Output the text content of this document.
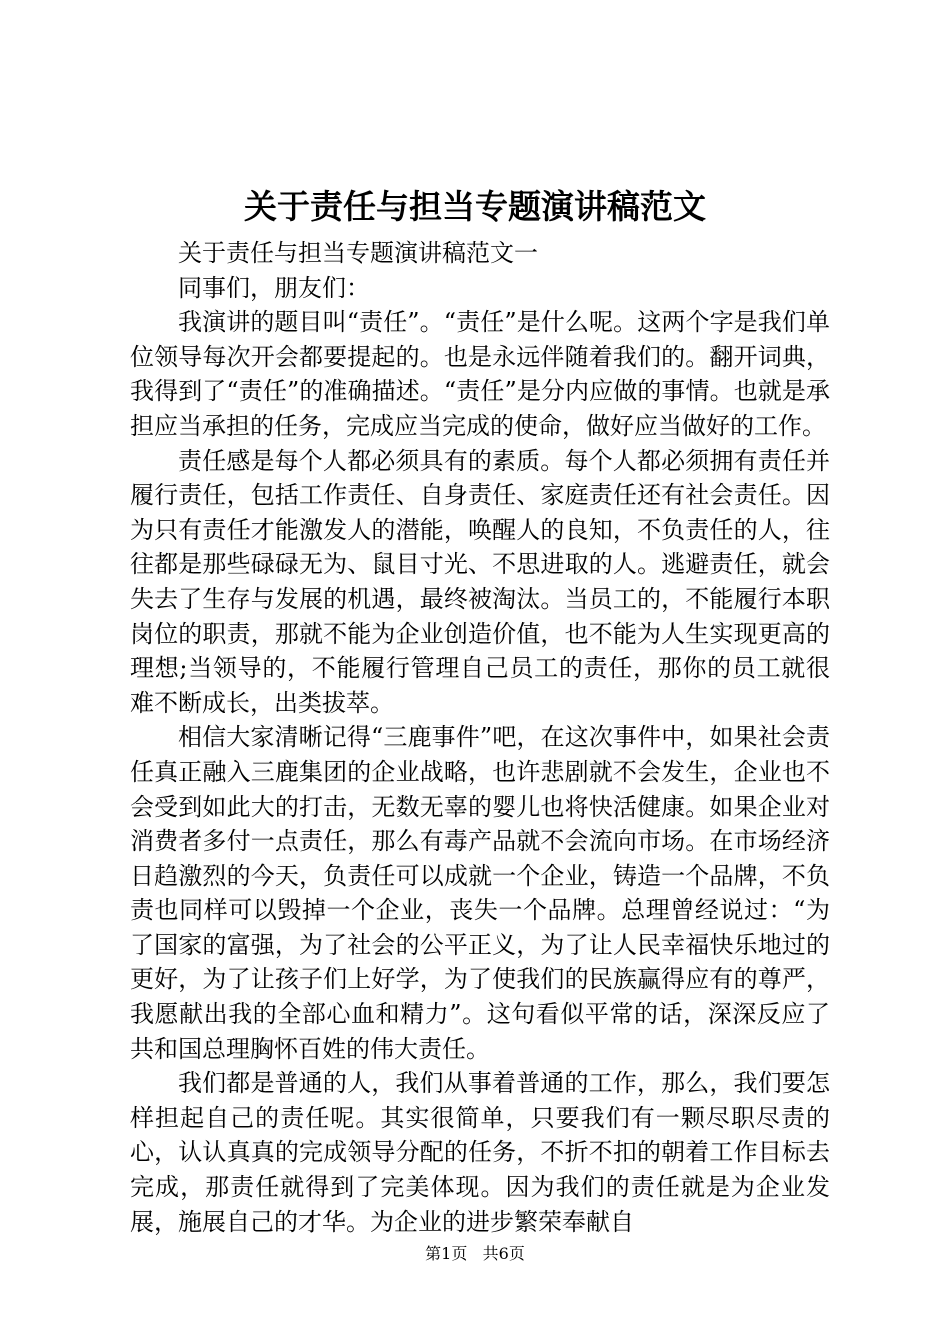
关于责任与担当专题演讲稿范文

关于责任与担当专题演讲稿范文一

同事们，朋友们：

我演讲的题目叫“责任”。“责任”是什么呢。这两个字是我们单位领导每次开会都要提起的。也是永远伴随着我们的。翻开词典，我得到了“责任”的准确描述。“责任”是分内应做的事情。也就是承担应当承担的任务，完成应当完成的使命，做好应当做好的工作。

责任感是每个人都必须具有的素质。每个人都必须拥有责任并履行责任，包括工作责任、自身责任、家庭责任还有社会责任。因为只有责任才能激发人的潜能，唤醒人的良知，不负责任的人，往往都是那些碌碌无为、鼠目寸光、不思进取的人。逃避责任，就会失去了生存与发展的机遇，最终被淘汰。当员工的，不能履行本职岗位的职责，那就不能为企业创造价值，也不能为人生实现更高的理想;当领导的，不能履行管理自己员工的责任，那你的员工就很难不断成长，出类拔萃。

相信大家清晰记得“三鹿事件”吧，在这次事件中，如果社会责任真正融入三鹿集团的企业战略，也许悲剧就不会发生，企业也不会受到如此大的打击，无数无辜的婴儿也将快活健康。如果企业对消费者多付一点责任，那么有毒产品就不会流向市场。在市场经济日趋激烈的今天，负责任可以成就一个企业，铸造一个品牌，不负责也同样可以毁掉一个企业，丧失一个品牌。总理曾经说过：“为了国家的富强，为了社会的公平正义，为了让人民幸福快乐地过的更好，为了让孩子们上好学，为了使我们的民族赢得应有的尊严，我愿献出我的全部心血和精力”。这句看似平常的话，深深反应了共和国总理胸怀百姓的伟大责任。

我们都是普通的人，我们从事着普通的工作，那么，我们要怎样担起自己的责任呢。其实很简单，只要我们有一颗尽职尽责的心，认认真真的完成领导分配的任务，不折不扣的朝着工作目标去完成，那责任就得到了完美体现。因为我们的责任就是为企业发展，施展自己的才华。为企业的进步繁荣奉献自

第1页 共6页
